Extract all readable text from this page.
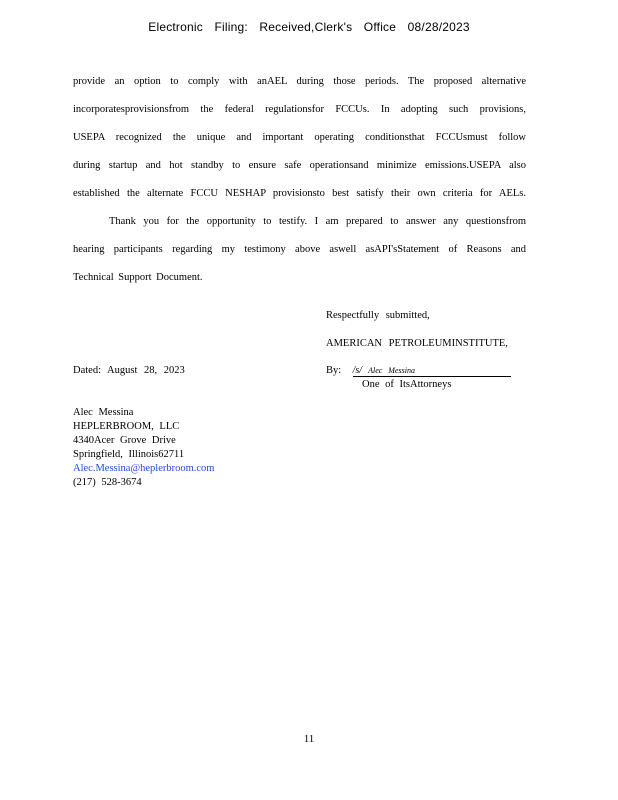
Electronic Filing: Received,Clerk's Office 08/28/2023
provide an option to comply with anAEL during those periods. The proposed alternative
incorporatesprovisionsfrom the federal regulationsfor FCCUs. In adopting such provisions,
USEPA recognized the unique and important operating conditionsthat FCCUsmust follow
during startup and hot standby to ensure safe operationsand minimize emissions.USEPA also
established the alternate FCCU NESHAP provisionsto best satisfy their own criteria for AELs.
Thank you for the opportunity to testify. I am prepared to answer any questionsfrom
hearing participants regarding my testimony above aswell asAPI'sStatement of Reasons and
Technical Support Document.
Respectfully submitted,
AMERICAN PETROLEUMINSTITUTE,
Dated: August 28, 2023	By: /s/ Alec Messina
One of ItsAttorneys
Alec Messina
HEPLERBROOM, LLC
4340Acer Grove Drive
Springfield, Illinois62711
Alec.Messina@heplerbroom.com
(217) 528-3674
11
